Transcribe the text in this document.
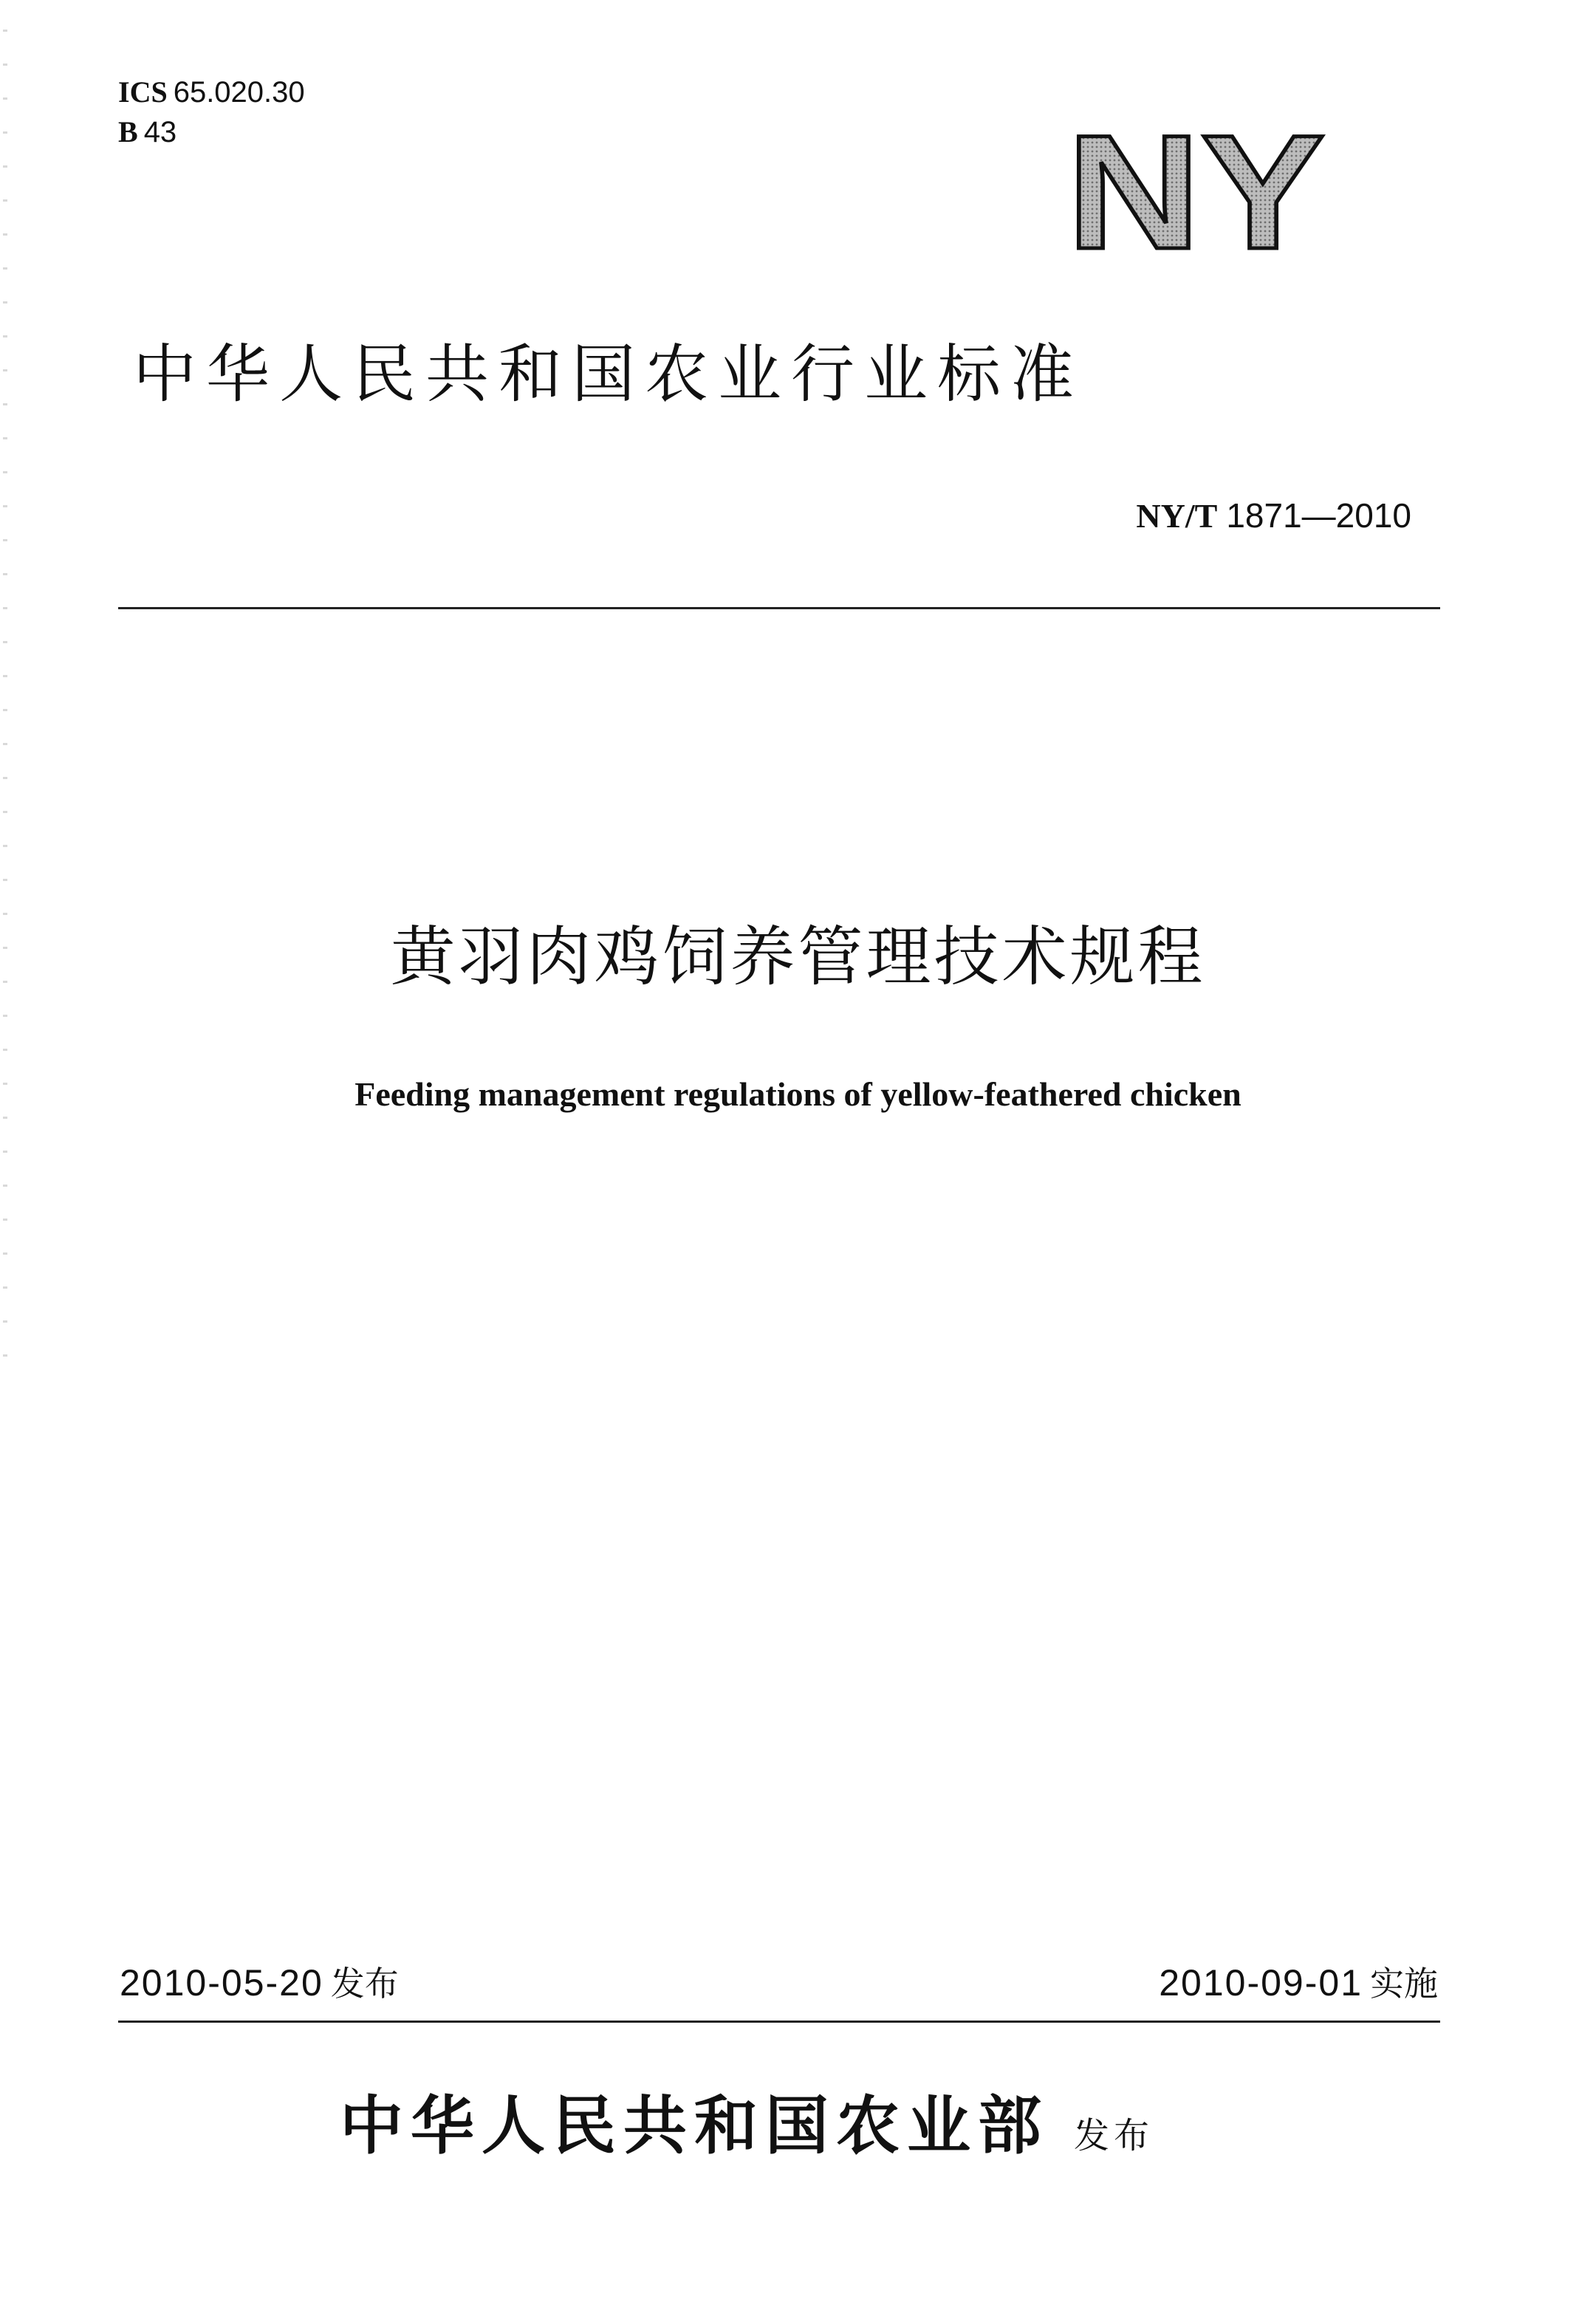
ICS 65.020.30
B 43	NY
中华人民共和国农业行业标准
NY/T 1871—2010
黄羽肉鸡饲养管理技术规程
Feeding management regulations of yellow-feathered chicken
2010-05-20 发布	2010-09-01 实施
中华人民共和国农业部 发布
